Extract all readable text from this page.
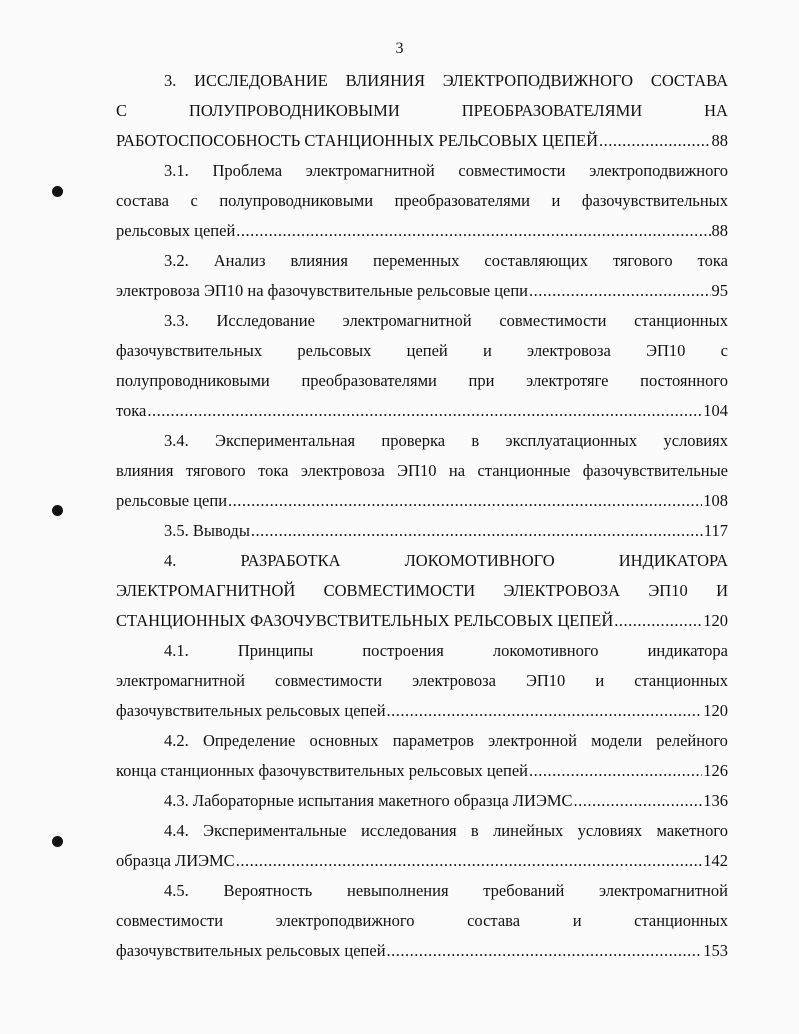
3
3. ИССЛЕДОВАНИЕ ВЛИЯНИЯ ЭЛЕКТРОПОДВИЖНОГО СОСТАВА
С	ПОЛУПРОВОДНИКОВЫМИ	ПРЕОБРАЗОВАТЕЛЯМИ	НА
РАБОТОСПОСОБНОСТЬ СТАНЦИОННЫХ РЕЛЬСОВЫХ ЦЕПЕЙ .....	88
3.1. Проблема электромагнитной совместимости электроподвижного
состава с полупроводниковыми преобразователями и фазочувствительных
рельсовых цепей .....	88
3.2. Анализ влияния переменных составляющих тягового тока
электровоза ЭП10 на фазочувствительные рельсовые цепи .....	95
3.3. Исследование электромагнитной совместимости станционных
фазочувствительных рельсовых цепей и электровоза ЭП10 с
полупроводниковыми преобразователями при электротяге постоянного
тока .....	104
3.4. Экспериментальная проверка в эксплуатационных условиях
влияния тягового тока электровоза ЭП10 на станционные фазочувствительные
рельсовые цепи .....	108
3.5. Выводы .....	117
4.	РАЗРАБОТКА	ЛОКОМОТИВНОГО	ИНДИКАТОРА
ЭЛЕКТРОМАГНИТНОЙ СОВМЕСТИМОСТИ ЭЛЕКТРОВОЗА ЭП10 И
СТАНЦИОННЫХ ФАЗОЧУВСТВИТЕЛЬНЫХ РЕЛЬСОВЫХ ЦЕПЕЙ .....	120
4.1.	Принципы	построения	локомотивного	индикатора
электромагнитной совместимости электровоза ЭП10 и станционных
фазочувствительных рельсовых цепей .....	120
4.2. Определение основных параметров электронной модели релейного
конца станционных фазочувствительных рельсовых цепей .....	126
4.3. Лабораторные испытания макетного образца ЛИЭМС .....	136
4.4. Экспериментальные исследования в линейных условиях макетного
образца ЛИЭМС .....	142
4.5. Вероятность невыполнения требований электромагнитной
совместимости	электроподвижного	состава	и	станционных
фазочувствительных рельсовых цепей .....	153
